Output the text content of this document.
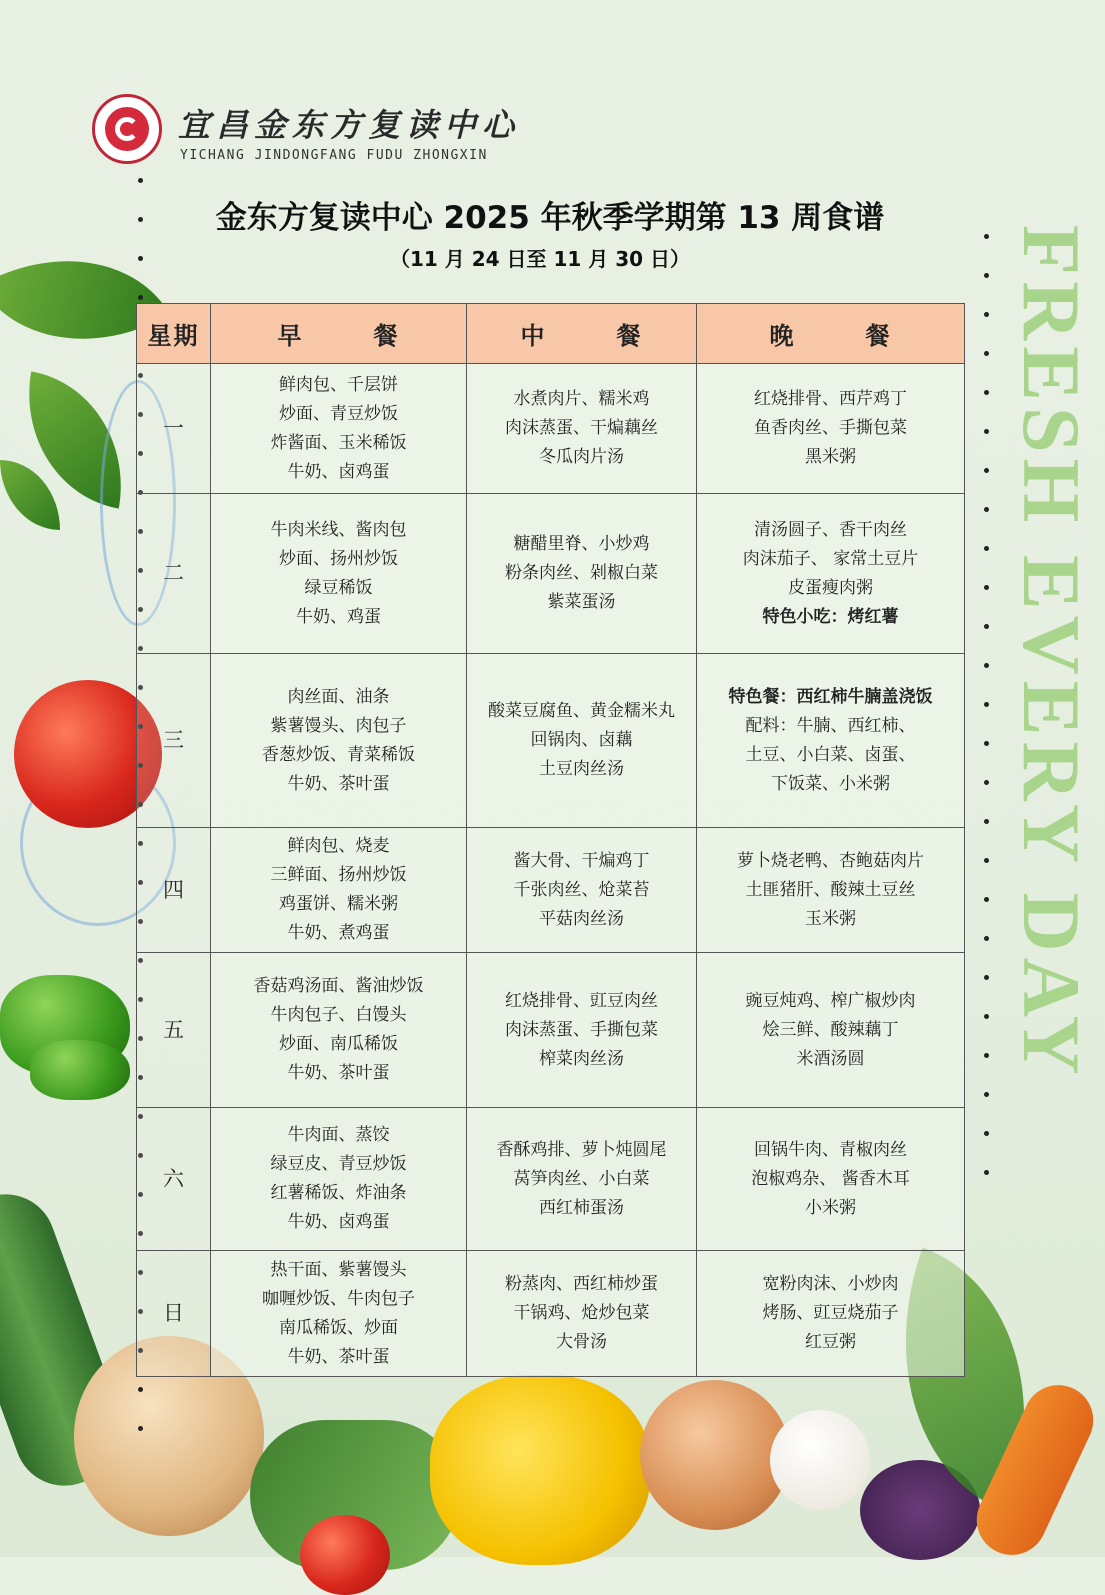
FRESH EVERY DAY
宜昌金东方复读中心
YICHANG JINDONGFANG FUDU ZHONGXIN
金东方复读中心 2025 年秋季学期第 13 周食谱
（11 月 24 日至 11 月 30 日）
星期	早 餐	中 餐	晚 餐
一	鲜肉包、千层饼
炒面、青豆炒饭
炸酱面、玉米稀饭
牛奶、卤鸡蛋	水煮肉片、糯米鸡
肉沫蒸蛋、干煸藕丝
冬瓜肉片汤	红烧排骨、西芹鸡丁
鱼香肉丝、手撕包菜
黑米粥

二	牛肉米线、酱肉包
炒面、扬州炒饭
绿豆稀饭
牛奶、鸡蛋	糖醋里脊、小炒鸡
粉条肉丝、剁椒白菜
紫菜蛋汤	清汤圆子、香干肉丝
肉沫茄子、 家常土豆片
皮蛋瘦肉粥
特色小吃：烤红薯

三	肉丝面、油条
紫薯馒头、肉包子
香葱炒饭、青菜稀饭
牛奶、茶叶蛋	酸菜豆腐鱼、黄金糯米丸
回锅肉、卤藕
土豆肉丝汤	特色餐：西红柿牛腩盖浇饭
配料：牛腩、西红柿、
土豆、小白菜、卤蛋、
下饭菜、小米粥

四	鲜肉包、烧麦
三鲜面、扬州炒饭
鸡蛋饼、糯米粥
牛奶、煮鸡蛋	酱大骨、干煸鸡丁
千张肉丝、炝菜苔
平菇肉丝汤	萝卜烧老鸭、杏鲍菇肉片
土匪猪肝、酸辣土豆丝
玉米粥

五	香菇鸡汤面、酱油炒饭
牛肉包子、白馒头
炒面、南瓜稀饭
牛奶、茶叶蛋	红烧排骨、豇豆肉丝
肉沫蒸蛋、手撕包菜
榨菜肉丝汤	豌豆炖鸡、榨广椒炒肉
烩三鲜、酸辣藕丁
米酒汤圆

六	牛肉面、蒸饺
绿豆皮、青豆炒饭
红薯稀饭、炸油条
牛奶、卤鸡蛋	香酥鸡排、萝卜炖圆尾
莴笋肉丝、小白菜
西红柿蛋汤	回锅牛肉、青椒肉丝
泡椒鸡杂、 酱香木耳
小米粥

日	热干面、紫薯馒头
咖喱炒饭、牛肉包子
南瓜稀饭、炒面
牛奶、茶叶蛋	粉蒸肉、西红柿炒蛋
干锅鸡、炝炒包菜
大骨汤	宽粉肉沫、小炒肉
烤肠、豇豆烧茄子
红豆粥
